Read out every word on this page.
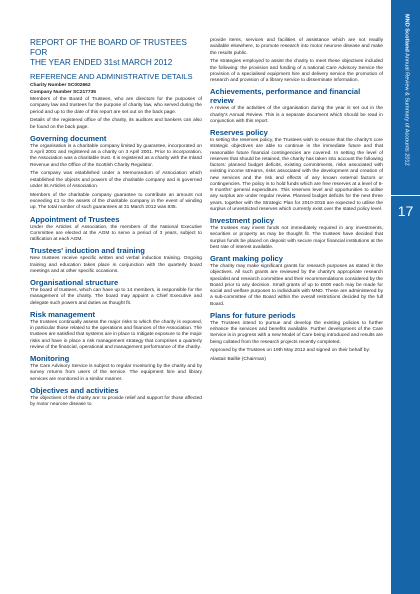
REPORT OF THE BOARD OF TRUSTEES FOR
THE YEAR ENDED 31st MARCH 2012
REFERENCE AND ADMINISTRATIVE DETAILS
Charity Number SC002662
Company Number SC217735
Members of the Board of Trustees, who are directors for the purposes of company law and trustees for the purpose of charity law, who served during the period and up to the date of this report are set out on the back page.
Details of the registered office of the charity, its auditors and bankers can also be found on the back page.
Governing document
The organisation is a charitable company limited by guarantee, incorporated on 3 April 2001 and registered as a charity on 3 April 2001. Prior to incorporation, the Association was a charitable trust. It is registered as a charity with the Inland Revenue and the Office of the Scottish Charity Regulator.
The company was established under a Memorandum of Association which established the objects and powers of the charitable company and is governed under its Articles of Association.
Members of the charitable company guarantee to contribute an amount not exceeding £1 to the assets of the charitable company in the event of winding up. The total number of such guarantees at 31 March 2012 was 835.
Appointment of Trustees
Under the Articles of Association, the members of the National Executive Committee are elected at the AGM to serve a period of 3 years, subject to ratification at each AGM.
Trustees' induction and training
New trustees receive specific written and verbal induction training. Ongoing training and education takes place in conjunction with the quarterly board meetings and at other specific occasions.
Organisational structure
The board of trustees, which can have up to 14 members, is responsible for the management of the charity. The board may appoint a Chief Executive and delegate such powers and duties as thought fit.
Risk management
The trustees continually assess the major risks to which the charity is exposed, in particular those related to the operations and finances of the Association. The trustees are satisfied that systems are in place to mitigate exposure to the major risks and have in place a risk management strategy that comprises a quarterly review of the financial, operational and management performance of the charity.
Monitoring
The Care Advisory Service is subject to regular monitoring by the charity and by survey returns from users of the service. The equipment hire and library services are monitored in a similar manner.
Objectives and activities
The objectives of the charity are: to provide relief and support for those affected by motor neurone disease to
provide items, services and facilities of assistance which are not readily available elsewhere, to promote research into motor neurone disease and make the results public.
The strategies employed to assist the charity to meet these objectives included the following: the provision and funding of a national Care Advisory Service the provision of a specialised equipment hire and delivery service the promotion of research and provision of a library service to disseminate information.
Achievements, performance and financial review
A review of the activities of the organisation during the year is set out in the charity's Annual Review. This is a separate document which should be read in conjunction with this report.
Reserves policy
In setting the reserves policy, the Trustees wish to ensure that the charity's core strategic objectives are able to continue in the immediate future and that reasonable future financial contingencies are covered. In setting the level of reserves that should be retained, the charity has taken into account the following factors: planned budget deficits, existing commitments, risks associated with existing income streams, risks associated with the development and creation of new services and the risk and effects of any known external factors or contingencies. The policy is to hold funds which are free reserves at a level of 6-9 months' general expenditure. This reserves level and opportunities to utilise any surplus are under regular review. Planned budget deficits for the next three years, together with the Strategic Plan for 2010-2015 are expected to utilise the surplus of unrestricted reserves which currently exist over the stated policy level.
Investment policy
The trustees may invest funds not immediately required in any investments, securities or property as may be thought fit. The trustees have decided that surplus funds be placed on deposit with secure major financial institutions at the best rate of interest available.
Grant making policy
The charity may make significant grants for research purposes as stated in the objectives. All such grants are reviewed by the charity's appropriate research specialist and research committee and their recommendations considered by the Board prior to any decision. Small grants of up to £600 each may be made for social and welfare purposes to individuals with MND. These are administered by a sub-committee of the Board within the overall restrictions decided by the full Board.
Plans for future periods
The Trustees intend to pursue and develop the existing policies to further enhance the services and benefits available. Further development of the Care Service is in progress with a new Model of Care being introduced and results are being collated from the research projects recently completed.
Approved by the Trustees on 19th May 2012 and signed on their behalf by:
Alastair Baillie (Chairman)
MND Scotland Annual Review & Summary of Accounts 2012
17
